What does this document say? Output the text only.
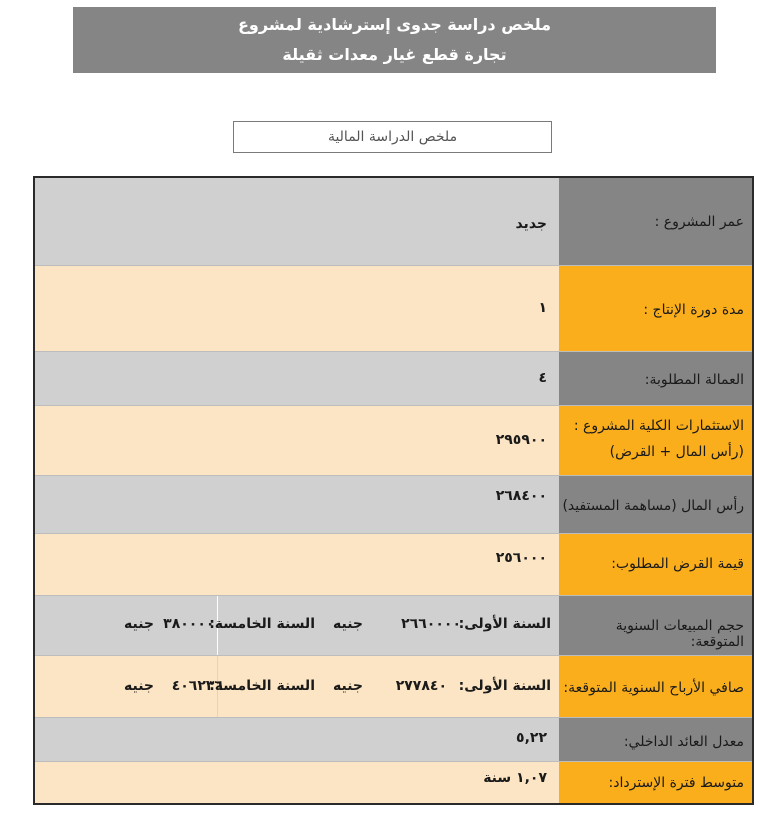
ملخص دراسة جدوى إسترشادية لمشروع
تجارة قطع غيار معدات ثقيلة
ملخص الدراسة المالية
عمر المشروع :
جديد
مدة دورة الإنتاج :
١
العمالة المطلوبة:
٤
الاستثمارات الكلية المشروع :
(رأس المال + القرض)
٢٩٥٩٠٠
رأس المال (مساهمة المستفيد)
٢٦٨٤٠٠
قيمة القرض المطلوب:
٢٥٦٠٠٠
حجم المبيعات السنوية المتوقعة:
السنة الأولى:
٢٦٦٠٠٠٠
جنيه
السنة الخامسة:
٣٨٠٠٠٠٠
جنيه
صافي الأرباح السنوية المتوقعة:
السنة الأولى:
٢٧٧٨٤٠
جنيه
السنة الخامسة:
٤٠٦٢٣٦
جنيه
معدل العائد الداخلي:
٥,٢٢
متوسط فترة الإسترداد:
١,٠٧ سنة
